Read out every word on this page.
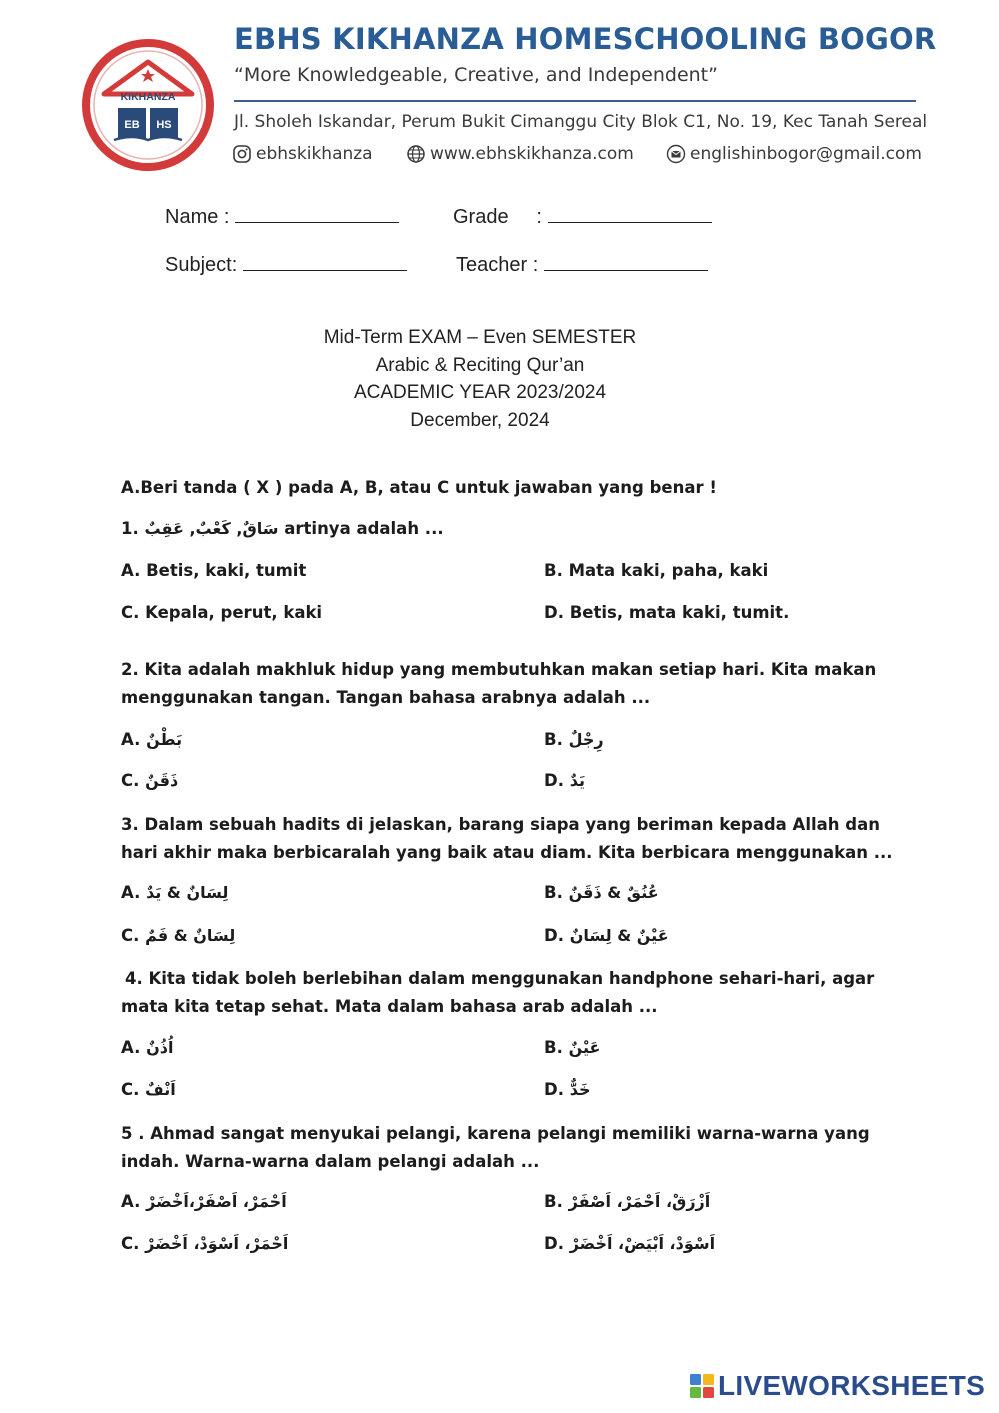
KIKHANZA
EB HS
EBHS KIKHANZA HOMESCHOOLING BOGOR
“More Knowledgeable, Creative, and Independent”
Jl. Sholeh Iskandar, Perum Bukit Cimanggu City Blok C1, No. 19, Kec Tanah Sereal
ebhskikhanza	www.ebhskikhanza.com	englishinbogor@gmail.com
Name :	Grade     :
Subject:	Teacher :
Mid-Term EXAM – Even SEMESTER
Arabic & Reciting Qur’an
ACADEMIC YEAR 2023/2024
December, 2024
A.Beri tanda ( X ) pada A, B, atau C untuk jawaban yang benar !
1. سَاقٌ, كَعْبٌ, عَقِبٌ artinya adalah ...
A. Betis, kaki, tumit	B. Mata kaki, paha, kaki
C. Kepala, perut, kaki	D. Betis, mata kaki, tumit.
2. Kita adalah makhluk hidup yang membutuhkan makan setiap hari. Kita makan menggunakan tangan. Tangan bahasa arabnya adalah ...
A. بَطْنٌ	B. رِجْلٌ
C. ذَقَنٌ	D. يَدٌ
3. Dalam sebuah hadits di jelaskan, barang siapa yang beriman kepada Allah dan hari akhir maka berbicaralah yang baik atau diam. Kita berbicara menggunakan ...
A. لِسَانٌ & يَدٌ	B. عُنُقٌ & ذَقَنٌ
C. لِسَانٌ & فَمٌ	D. عَيْنٌ & لِسَانٌ
4. Kita tidak boleh berlebihan dalam menggunakan handphone sehari-hari, agar mata kita tetap sehat. Mata dalam bahasa arab adalah ...
A. اُذُنٌ	B. عَيْنٌ
C. اَنْفٌ	D. خَدٌّ
5 . Ahmad sangat menyukai pelangi, karena pelangi memiliki warna-warna yang indah. Warna-warna dalam pelangi adalah ...
A. اَحْمَرْ، اَصْفَرْ،اَخْضَرْ	B. اَزْرَقْ، اَحْمَرْ، اَصْفَرْ
C. اَحْمَرْ، اَسْوَدْ، اَخْضَرْ	D. اَسْوَدْ، اَبْيَضْ، اَخْضَرْ
LIVEWORKSHEETS
